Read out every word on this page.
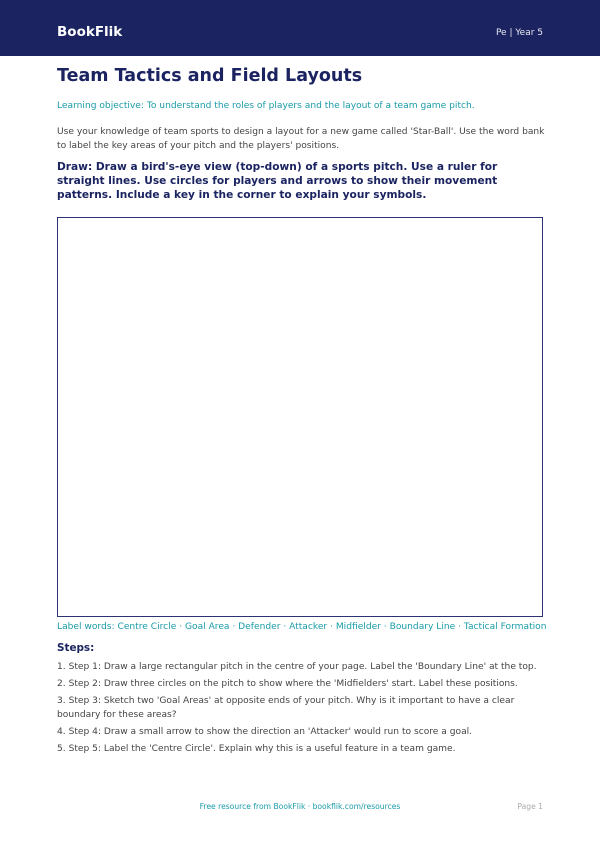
BookFlik	Pe | Year 5
Team Tactics and Field Layouts

Learning objective: To understand the roles of players and the layout of a team game pitch.

Use your knowledge of team sports to design a layout for a new game called 'Star-Ball'. Use the word bank to label the key areas of your pitch and the players' positions.

Draw: Draw a bird's-eye view (top-down) of a sports pitch. Use a ruler for straight lines. Use circles for players and arrows to show their movement patterns. Include a key in the corner to explain your symbols.

Label words: Centre Circle · Goal Area · Defender · Attacker · Midfielder · Boundary Line · Tactical Formation

Steps:
1. Step 1: Draw a large rectangular pitch in the centre of your page. Label the 'Boundary Line' at the top.
2. Step 2: Draw three circles on the pitch to show where the 'Midfielders' start. Label these positions.
3. Step 3: Sketch two 'Goal Areas' at opposite ends of your pitch. Why is it important to have a clear boundary for these areas?
4. Step 4: Draw a small arrow to show the direction an 'Attacker' would run to score a goal.
5. Step 5: Label the 'Centre Circle'. Explain why this is a useful feature in a team game.
Free resource from BookFlik · bookflik.com/resources	Page 1
